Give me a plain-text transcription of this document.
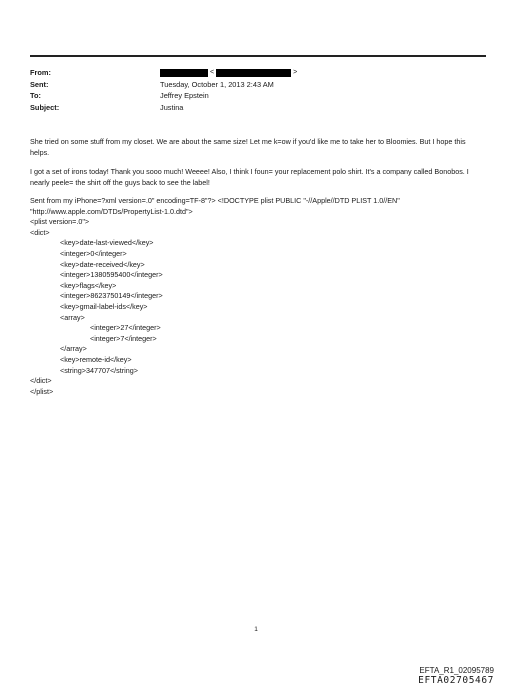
From:	<	>
Sent:	Tuesday, October 1, 2013 2:43 AM
To:	Jeffrey Epstein
Subject:	Justina

She tried on some stuff from my closet. We are about the same size! Let me k=ow if you'd like me to take her to Bloomies. But I hope this helps.

I got a set of irons today! Thank you sooo much! Weeee! Also, I think I foun= your replacement polo shirt. It's a company called Bonobos. I nearly peele= the shirt off the guys back to see the label!

Sent from my iPhone=?xml version=.0" encoding=TF-8"?> <!DOCTYPE plist PUBLIC "-//Apple//DTD PLIST 1.0//EN"
"http://www.apple.com/DTDs/PropertyList-1.0.dtd">
<plist version=.0">
<dict>
<key>date-last-viewed</key>
<integer>0</integer>
<key>date-received</key>
<integer>1380595400</integer>
<key>flags</key>
<integer>8623750149</integer>
<key>gmail-label-ids</key>
<array>
<integer>27</integer>
<integer>7</integer>
</array>
<key>remote-id</key>
<string>347707</string>
</dict>
</plist>
1
EFTA_R1_02095789
EFTA02705467
